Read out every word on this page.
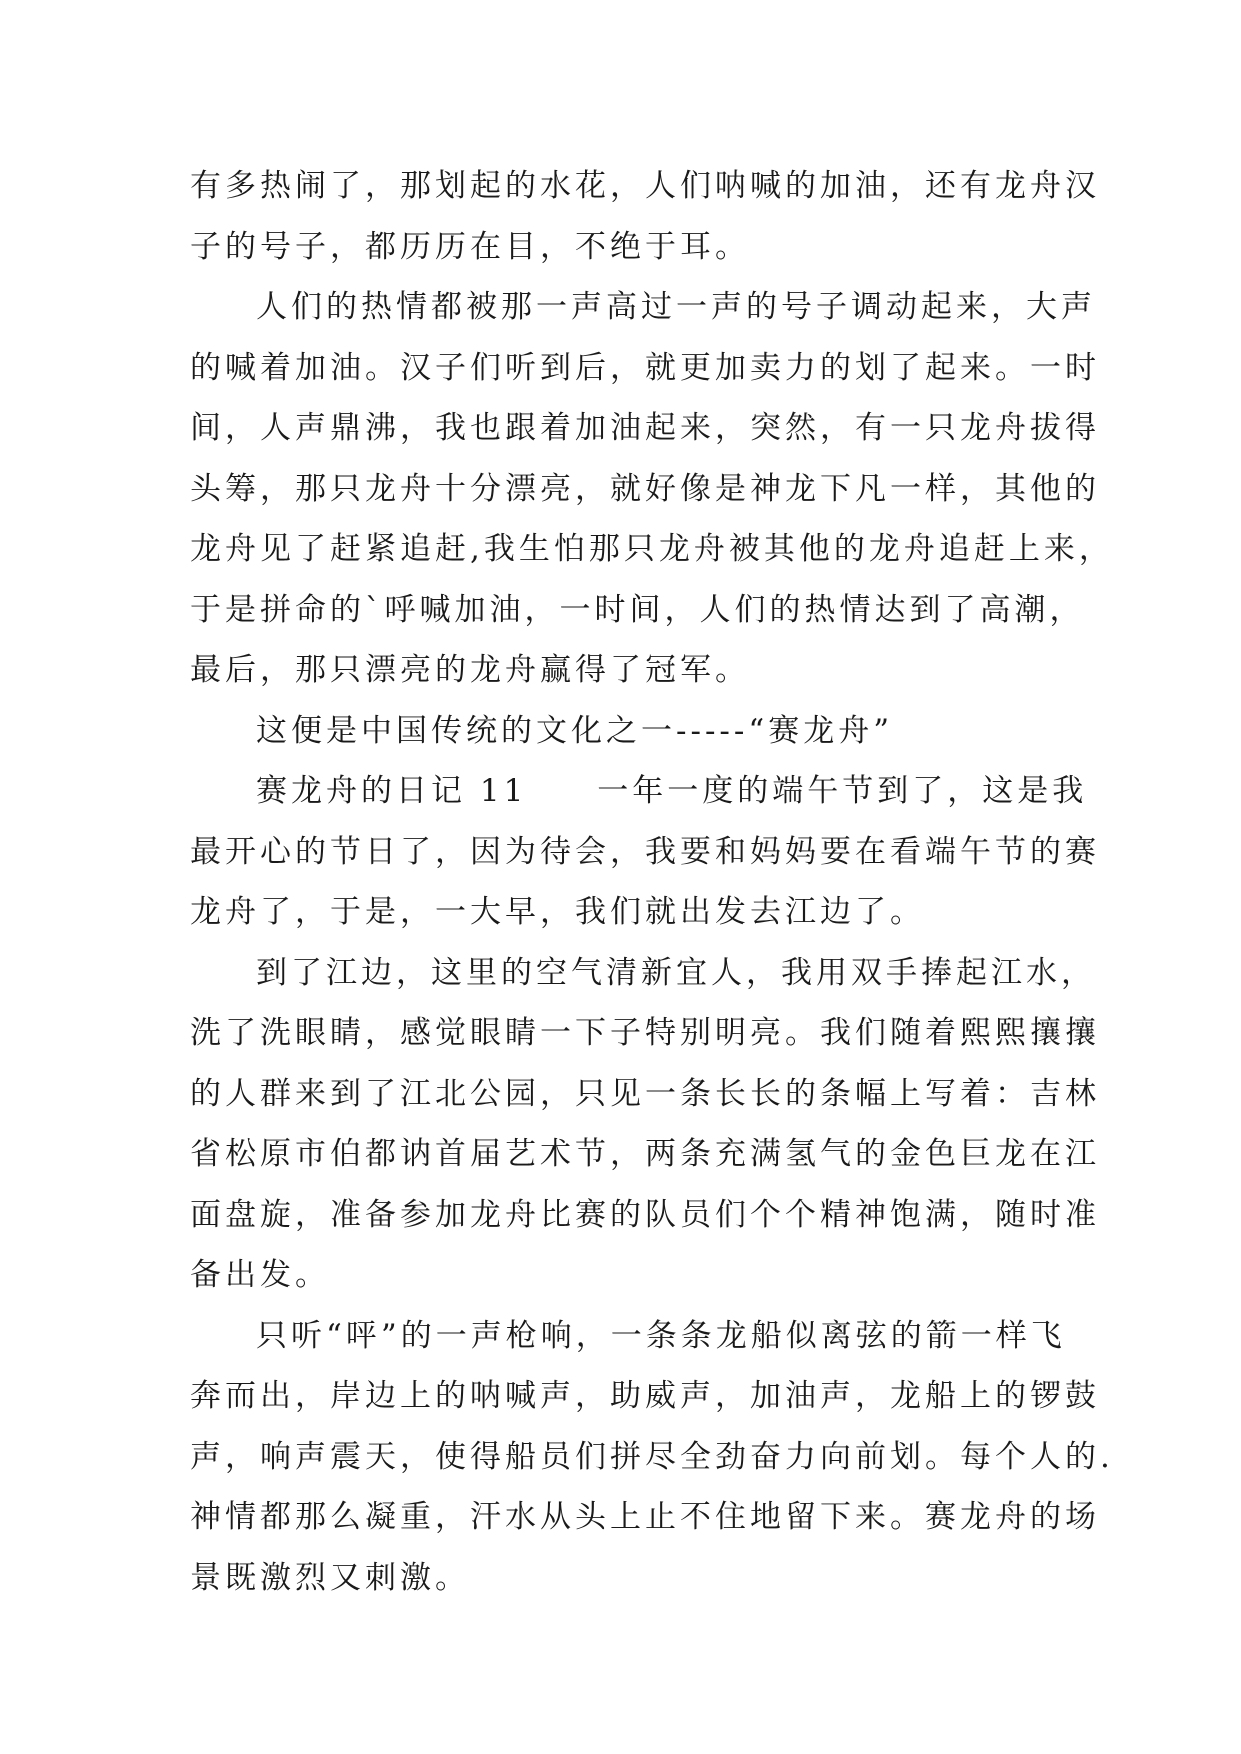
有多热闹了，那划起的水花，人们呐喊的加油，还有龙舟汉
子的号子，都历历在目，不绝于耳。
人们的热情都被那一声高过一声的号子调动起来，大声
的喊着加油。汉子们听到后，就更加卖力的划了起来。一时
间，人声鼎沸，我也跟着加油起来，突然，有一只龙舟拔得
头筹，那只龙舟十分漂亮，就好像是神龙下凡一样，其他的
龙舟见了赶紧追赶,我生怕那只龙舟被其他的龙舟追赶上来，
于是拼命的`呼喊加油，一时间，人们的热情达到了高潮，
最后，那只漂亮的龙舟赢得了冠军。
这便是中国传统的文化之一-----“赛龙舟”
赛龙舟的日记 11　　一年一度的端午节到了，这是我
最开心的节日了，因为待会，我要和妈妈要在看端午节的赛
龙舟了，于是，一大早，我们就出发去江边了。
到了江边，这里的空气清新宜人，我用双手捧起江水，
洗了洗眼睛，感觉眼睛一下子特别明亮。我们随着熙熙攘攘
的人群来到了江北公园，只见一条长长的条幅上写着：吉林
省松原市伯都讷首届艺术节，两条充满氢气的金色巨龙在江
面盘旋，准备参加龙舟比赛的队员们个个精神饱满，随时准
备出发。
只听“呯”的一声枪响，一条条龙船似离弦的箭一样飞
奔而出，岸边上的呐喊声，助威声，加油声，龙船上的锣鼓
声，响声震天，使得船员们拼尽全劲奋力向前划。每个人的.
神情都那么凝重，汗水从头上止不住地留下来。赛龙舟的场
景既激烈又刺激。
